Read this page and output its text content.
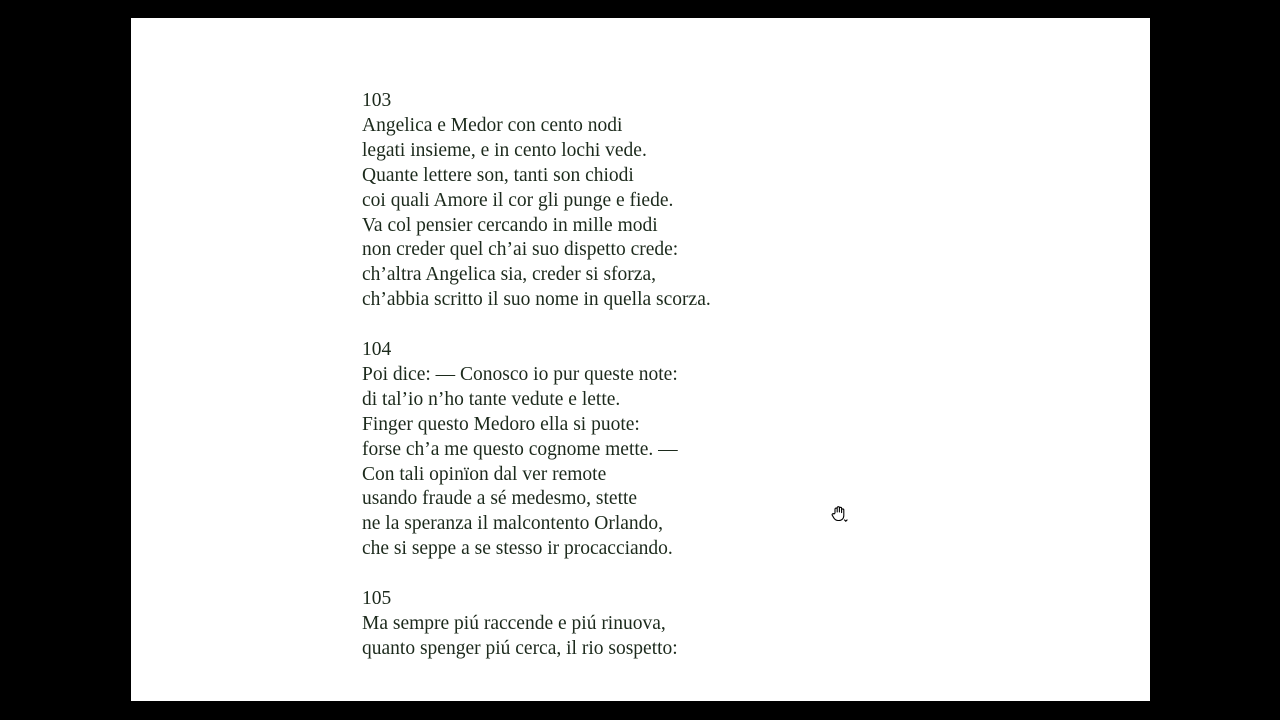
103
Angelica e Medor con cento nodi
legati insieme, e in cento lochi vede.
Quante lettere son, tanti son chiodi
coi quali Amore il cor gli punge e fiede.
Va col pensier cercando in mille modi
non creder quel ch’ai suo dispetto crede:
ch’altra Angelica sia, creder si sforza,
ch’abbia scritto il suo nome in quella scorza.
104
Poi dice: — Conosco io pur queste note:
di tal’io n’ho tante vedute e lette.
Finger questo Medoro ella si puote:
forse ch’a me questo cognome mette. —
Con tali opinïon dal ver remote
usando fraude a sé medesmo, stette
ne la speranza il malcontento Orlando,
che si seppe a se stesso ir procacciando.
105
Ma sempre piú raccende e piú rinuova,
quanto spenger piú cerca, il rio sospetto:
